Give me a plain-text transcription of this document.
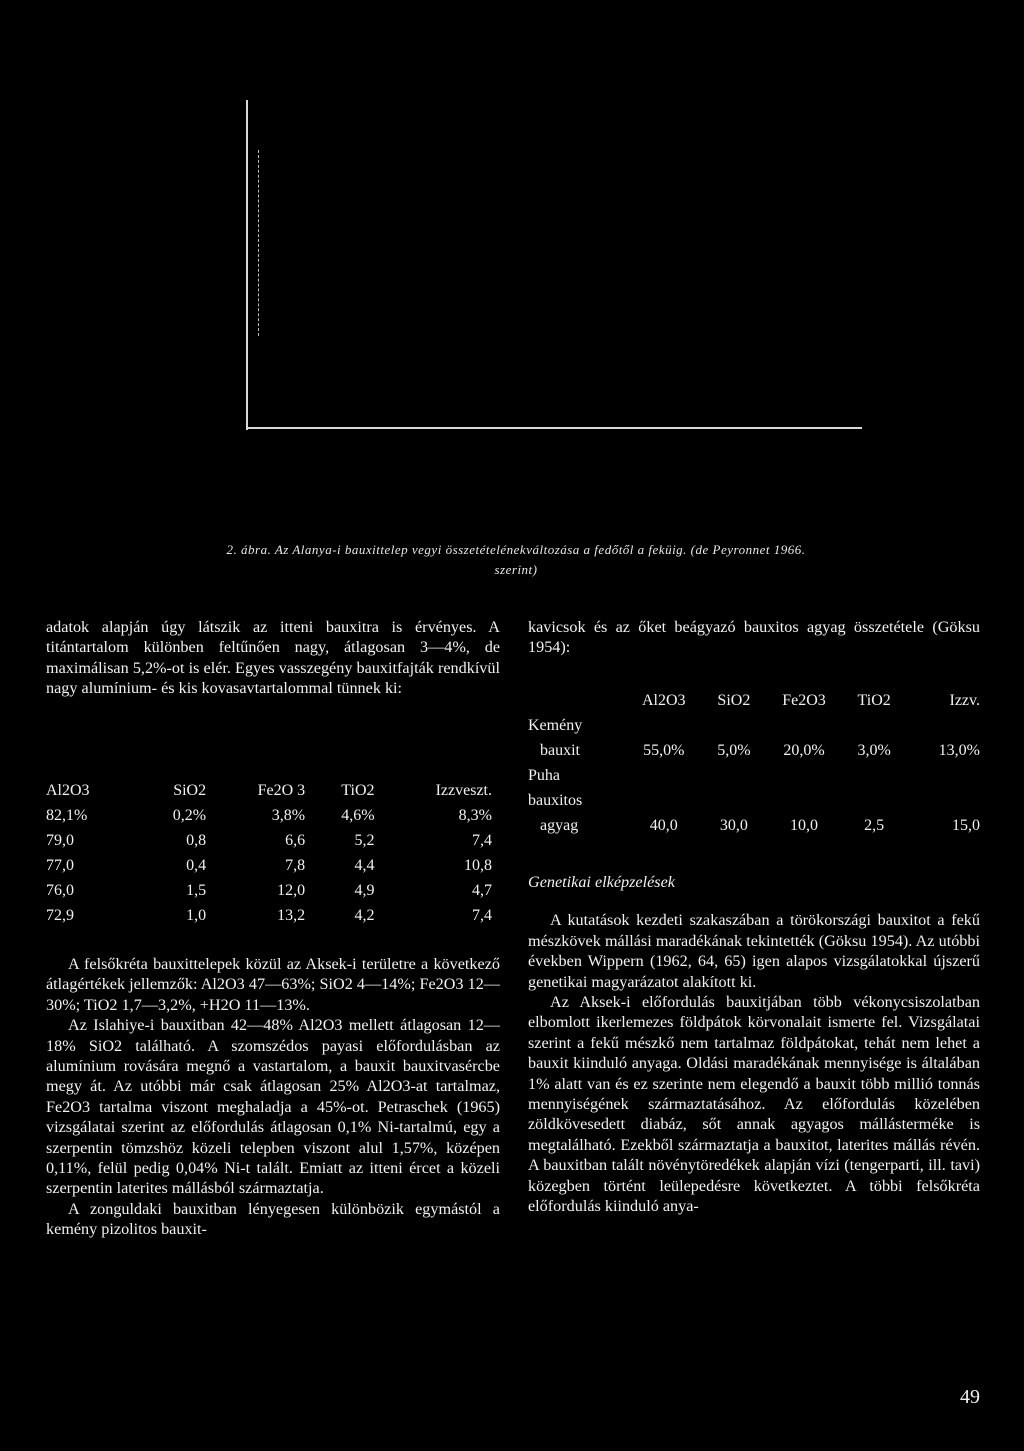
2. ábra. Az Alanya-i bauxittelep vegyi összetételénekváltozása a fedőtől a feküig. (de Peyronnet 1966.
szerint)

adatok alapján úgy látszik az itteni bauxitra is érvényes. A titántartalom különben feltűnően nagy, átlagosan 3—4%, de maximálisan 5,2%-ot is elér. Egyes vasszegény bauxitfajták rendkívül nagy alumínium- és kis kovasavtartalommal tünnek ki:

Al2O3	SiO2	Fe2O 3	TiO2	Izzveszt.
82,1%	0,2%	3,8%	4,6%	8,3%
79,0	0,8	6,6	5,2	7,4
77,0	0,4	7,8	4,4	10,8
76,0	1,5	12,0	4,9	4,7
72,9	1,0	13,2	4,2	7,4

A felsőkréta bauxittelepek közül az Aksek-i területre a következő átlagértékek jellemzők: Al2O3 47—63%; SiO2 4—14%; Fe2O3 12—30%; TiO2 1,7—3,2%, +H2O 11—13%.

Az Islahiye-i bauxitban 42—48% Al2O3 mellett átlagosan 12—18% SiO2 található. A szomszédos payasi előfordulásban az alumínium rovására megnő a vastartalom, a bauxit bauxitvasércbe megy át. Az utóbbi már csak átlagosan 25% Al2O3-at tartalmaz, Fe2O3 tartalma viszont meghaladja a 45%-ot. Petraschek (1965) vizsgálatai szerint az előfordulás átlagosan 0,1% Ni-tartalmú, egy a szerpentin tömzshöz közeli telepben viszont alul 1,57%, középen 0,11%, felül pedig 0,04% Ni-t talált. Emiatt az itteni ércet a közeli szerpentin laterites mállásból származtatja.

A zonguldaki bauxitban lényegesen különbözik egymástól a kemény pizolitos bauxit-

kavicsok és az őket beágyazó bauxitos agyag összetétele (Göksu 1954):

	Al2O3	SiO2	Fe2O3	TiO2	Izzv.
Kemény					
bauxit	55,0%	5,0%	20,0%	3,0%	13,0%
Puha					
bauxitos					
agyag	40,0	30,0	10,0	2,5	15,0

Genetikai elképzelések

A kutatások kezdeti szakaszában a törökországi bauxitot a fekű mészkövek mállási maradékának tekintették (Göksu 1954). Az utóbbi években Wippern (1962, 64, 65) igen alapos vizsgálatokkal újszerű genetikai magyarázatot alakított ki.

Az Aksek-i előfordulás bauxitjában több vékonycsiszolatban elbomlott ikerlemezes földpátok körvonalait ismerte fel. Vizsgálatai szerint a fekű mészkő nem tartalmaz földpátokat, tehát nem lehet a bauxit kiinduló anyaga. Oldási maradékának mennyisége is általában 1% alatt van és ez szerinte nem elegendő a bauxit több millió tonnás mennyiségének származtatásához. Az előfordulás közelében zöldkövesedett diabáz, sőt annak agyagos mállásterméke is megtalálható. Ezekből származtatja a bauxitot, laterites mállás révén. A bauxitban talált növénytöredékek alapján vízi (tengerparti, ill. tavi) közegben történt leülepedésre következtet. A többi felsőkréta előfordulás kiinduló anya-

49
